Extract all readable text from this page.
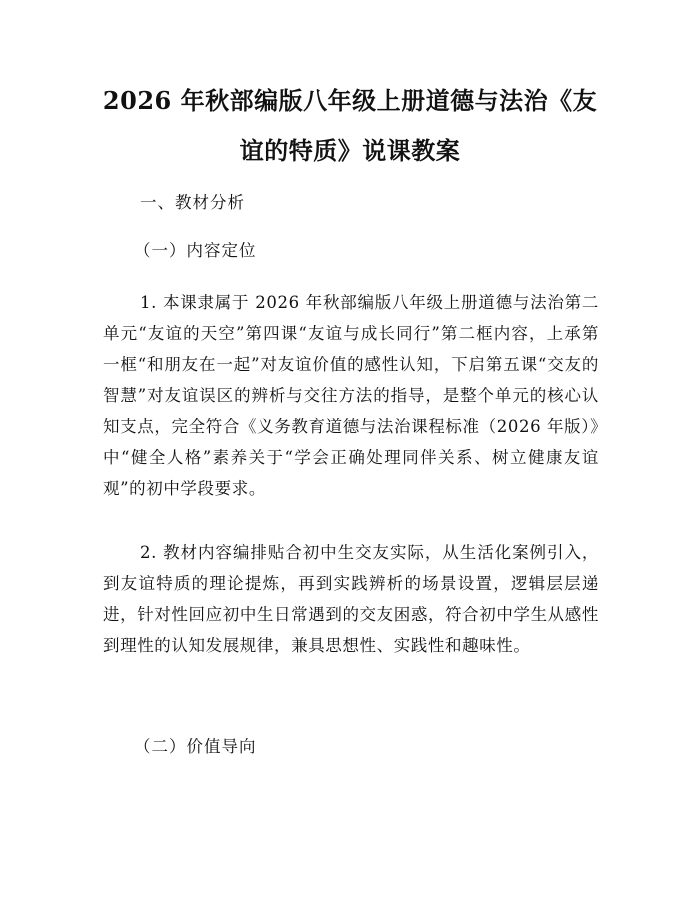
2026 年秋部编版八年级上册道德与法治《友
谊的特质》说课教案
一、教材分析
（一）内容定位

1. 本课隶属于 2026 年秋部编版八年级上册道德与法治第二单元“友谊的天空”第四课“友谊与成长同行”第二框内容，上承第一框“和朋友在一起”对友谊价值的感性认知，下启第五课“交友的智慧”对友谊误区的辨析与交往方法的指导，是整个单元的核心认知支点，完全符合《义务教育道德与法治课程标准（2026 年版）》中“健全人格”素养关于“学会正确处理同伴关系、树立健康友谊观”的初中学段要求。

2. 教材内容编排贴合初中生交友实际，从生活化案例引入，到友谊特质的理论提炼，再到实践辨析的场景设置，逻辑层层递进，针对性回应初中生日常遇到的交友困惑，符合初中学生从感性到理性的认知发展规律，兼具思想性、实践性和趣味性。

（二）价值导向
